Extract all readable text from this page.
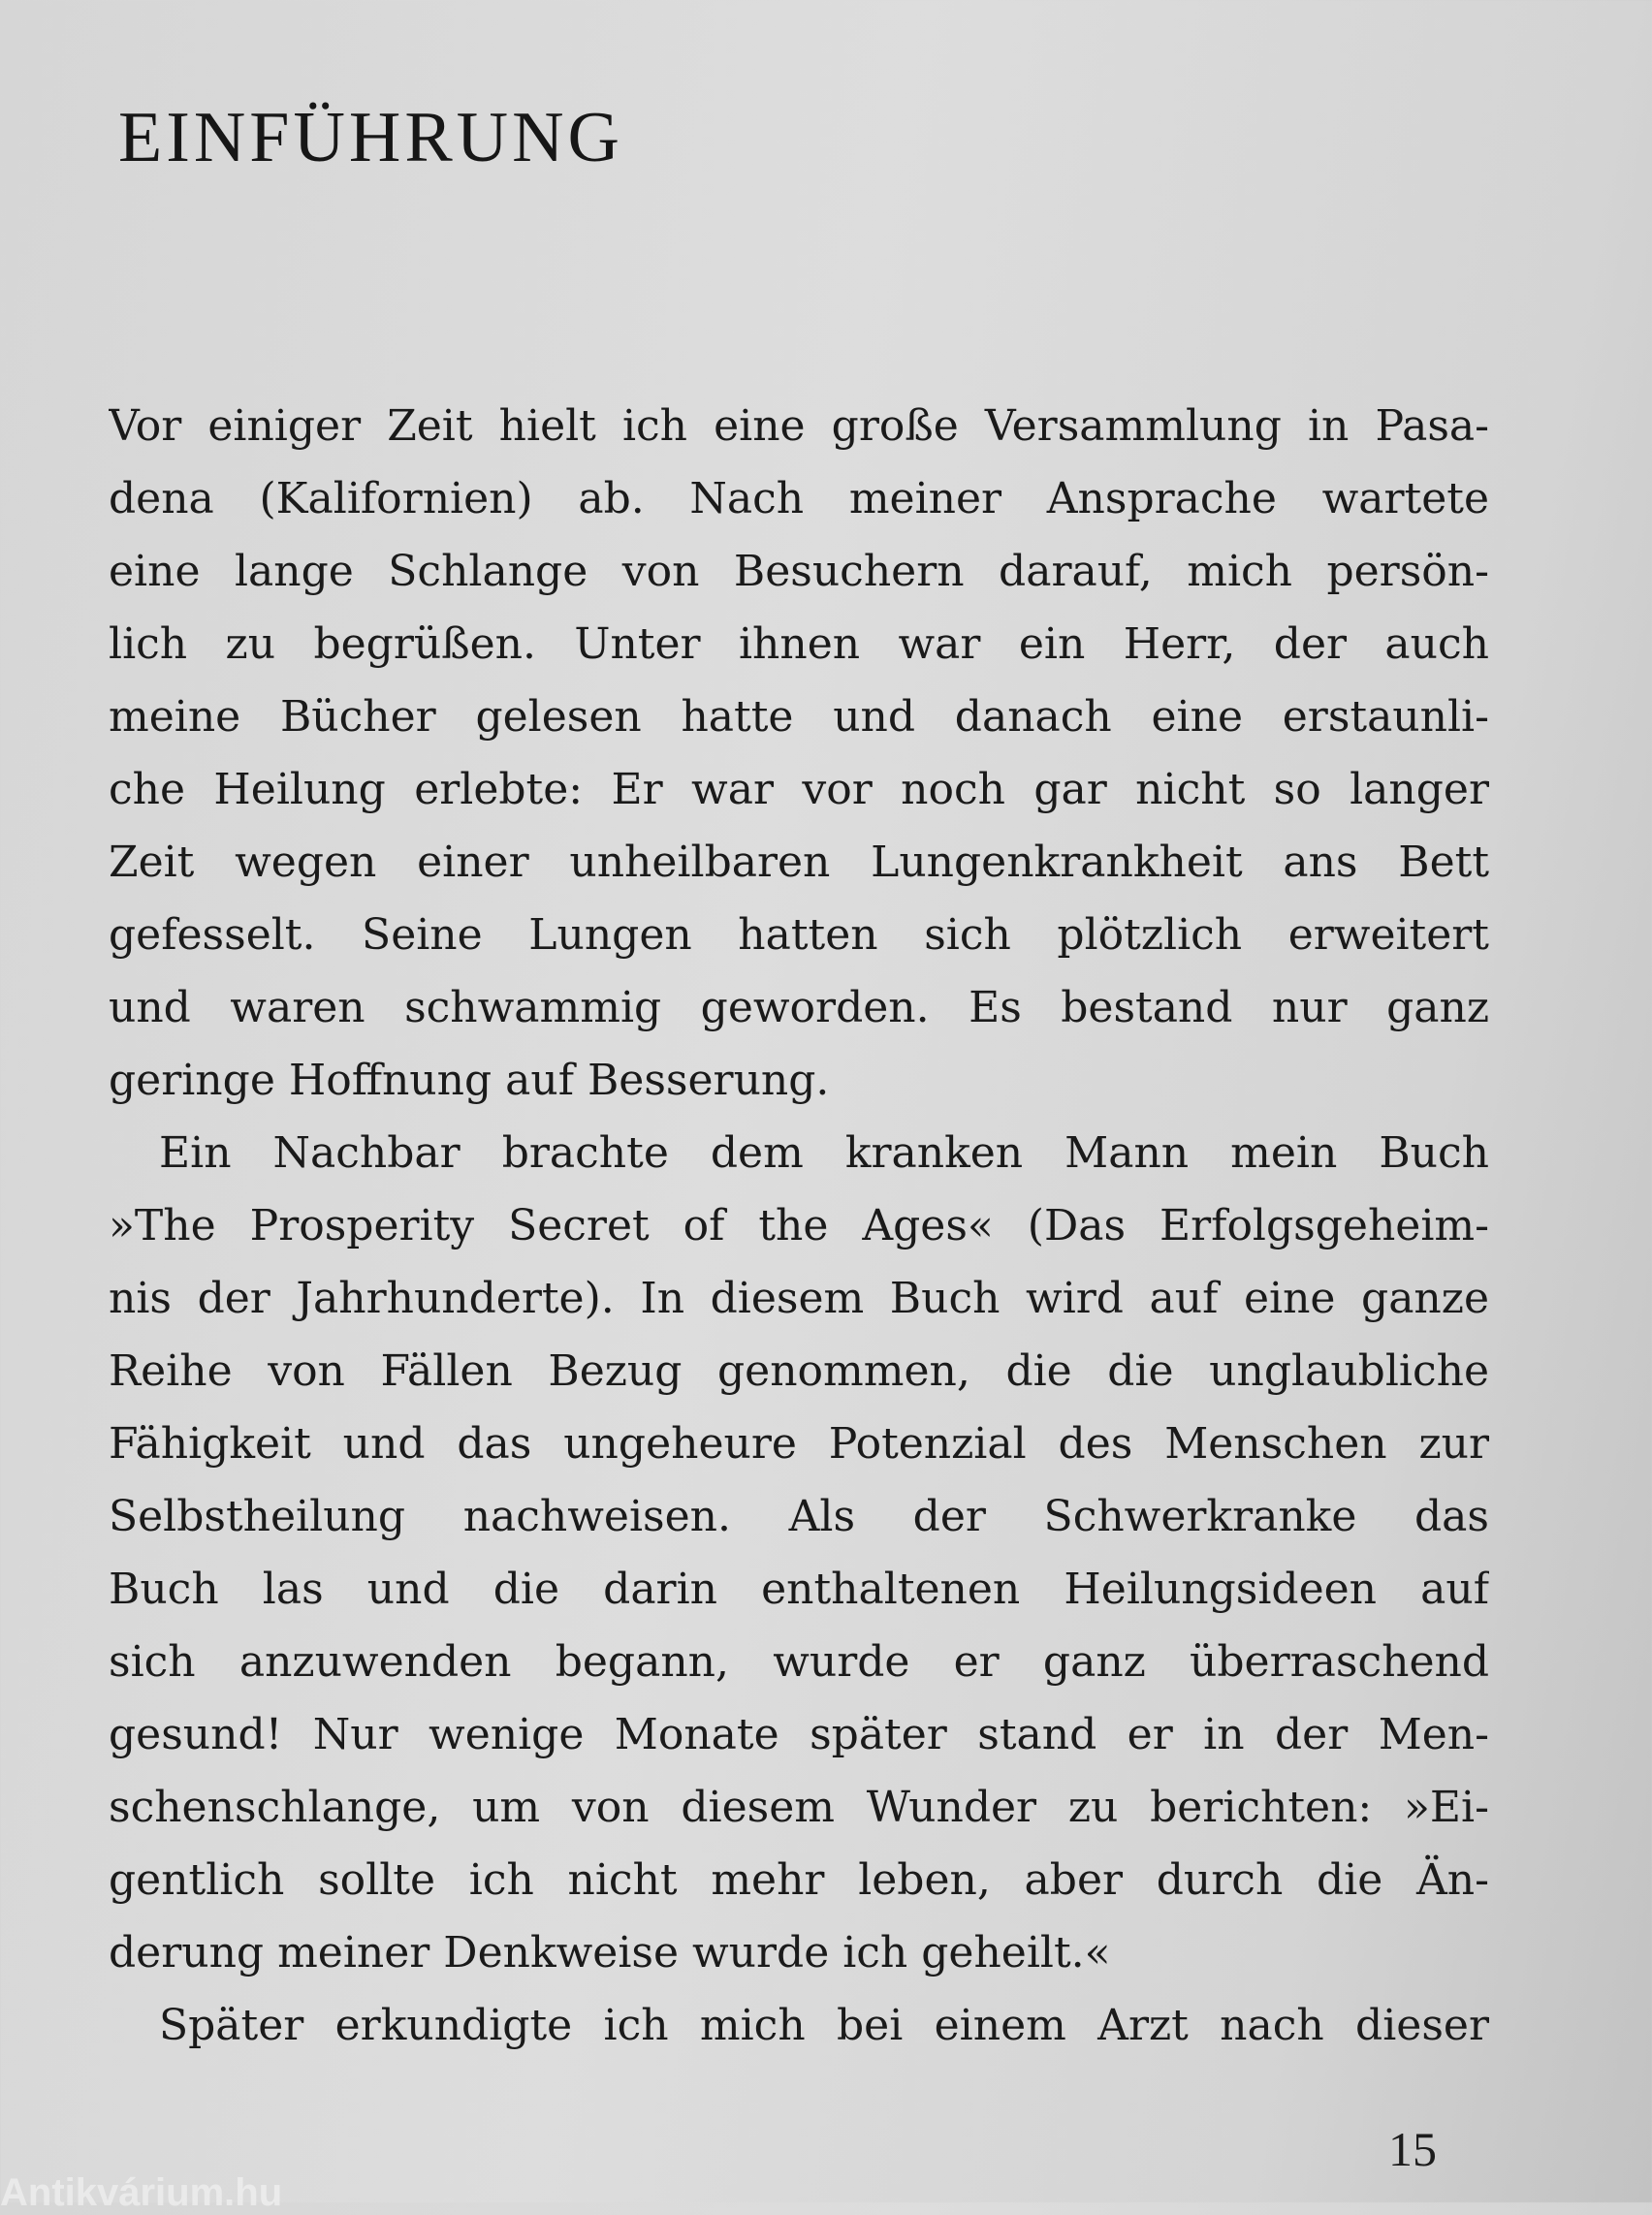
EINFÜHRUNG
Vor einiger Zeit hielt ich eine große Versammlung in Pasa-
dena (Kalifornien) ab. Nach meiner Ansprache wartete
eine lange Schlange von Besuchern darauf, mich persön-
lich zu begrüßen. Unter ihnen war ein Herr, der auch
meine Bücher gelesen hatte und danach eine erstaunli-
che Heilung erlebte: Er war vor noch gar nicht so langer
Zeit wegen einer unheilbaren Lungenkrankheit ans Bett
gefesselt. Seine Lungen hatten sich plötzlich erweitert
und waren schwammig geworden. Es bestand nur ganz
geringe Hoffnung auf Besserung.
Ein Nachbar brachte dem kranken Mann mein Buch
»The Prosperity Secret of the Ages« (Das Erfolgsgeheim-
nis der Jahrhunderte). In diesem Buch wird auf eine ganze
Reihe von Fällen Bezug genommen, die die unglaubliche
Fähigkeit und das ungeheure Potenzial des Menschen zur
Selbstheilung nachweisen. Als der Schwerkranke das
Buch las und die darin enthaltenen Heilungsideen auf
sich anzuwenden begann, wurde er ganz überraschend
gesund! Nur wenige Monate später stand er in der Men-
schenschlange, um von diesem Wunder zu berichten: »Ei-
gentlich sollte ich nicht mehr leben, aber durch die Än-
derung meiner Denkweise wurde ich geheilt.«
Später erkundigte ich mich bei einem Arzt nach dieser
15
Antikvárium.hu
